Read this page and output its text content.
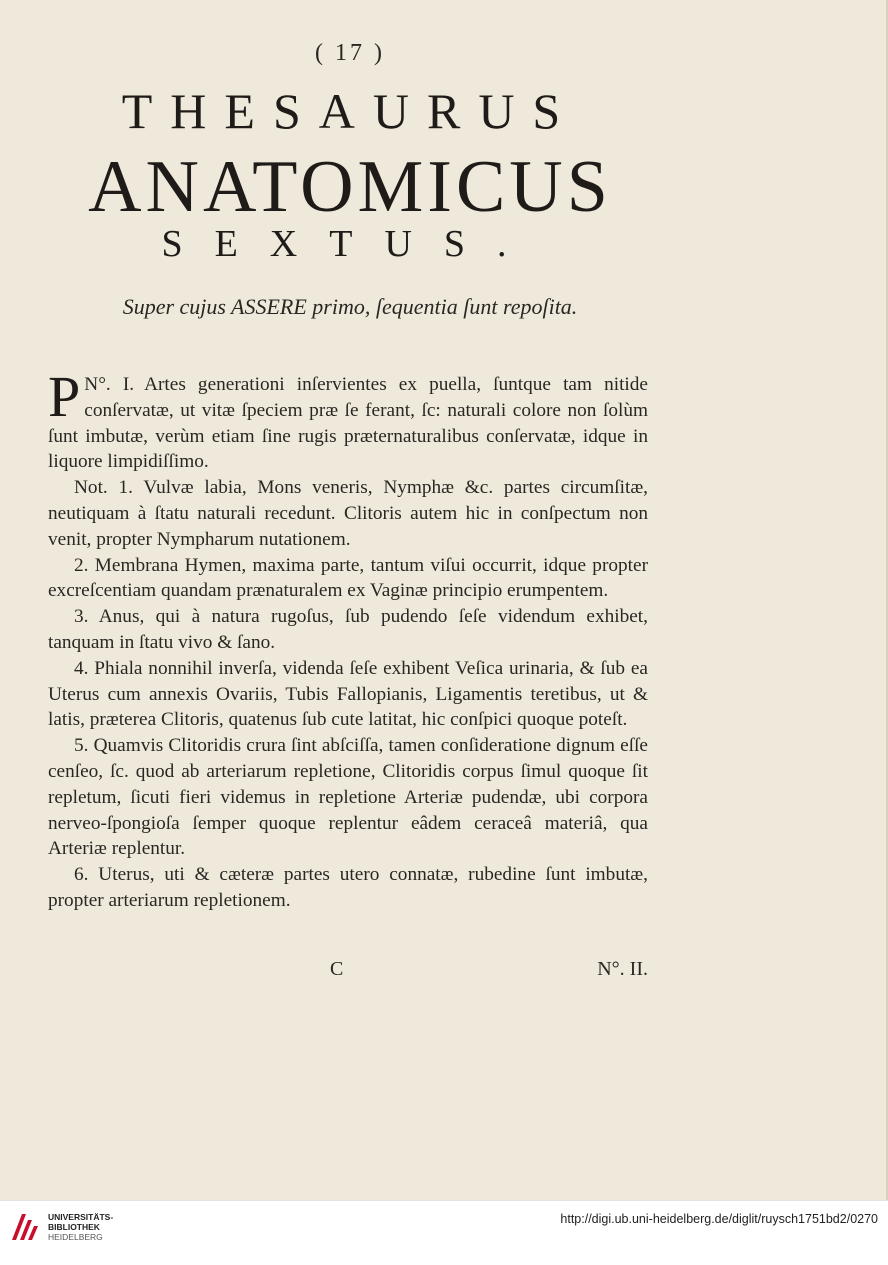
( 17 )
THESAURUS
ANATOMICUS
SEXTUS.
Super cujus ASSERE primo, ſequentia ſunt repoſita.

N°. I.
P	Artes generationi inſervientes ex puella, ſuntque tam nitide conſervatæ, ut vitæ ſpeciem præ ſe ferant, ſc: naturali colore non ſolùm ſunt imbutæ, verùm etiam ſine rugis præternaturalibus conſervatæ, idque in liquore limpidiſſimo.

Not. 1. Vulvæ labia, Mons veneris, Nymphæ &c. partes circumſitæ, neutiquam à ſtatu naturali recedunt. Clitoris autem hic in conſpectum non venit, propter Nympharum nutationem.

2. Membrana Hymen, maxima parte, tantum viſui occurrit, idque propter excreſcentiam quandam prænaturalem ex Vaginæ principio erumpentem.

3. Anus, qui à natura rugoſus, ſub pudendo ſeſe videndum exhibet, tanquam in ſtatu vivo & ſano.

4. Phiala nonnihil inverſa, videnda ſeſe exhibent Veſica urinaria, & ſub ea Uterus cum annexis Ovariis, Tubis Fallopianis, Ligamentis teretibus, ut & latis, præterea Clitoris, quatenus ſub cute latitat, hic conſpici quoque poteſt.

5. Quamvis Clitoridis crura ſint abſciſſa, tamen conſideratione dignum eſſe cenſeo, ſc. quod ab arteriarum repletione, Clitoridis corpus ſimul quoque ſit repletum, ſicuti fieri videmus in repletione Arteriæ pudendæ, ubi corpora nerveo-ſpongioſa ſemper quoque replentur eâdem ceraceâ materiâ, qua Arteriæ replentur.

6. Uterus, uti & cæteræ partes utero connatæ, rubedine ſunt imbutæ, propter arteriarum repletionem.

C	N°. II.
UNIVERSITÄTS-
BIBLIOTHEK
HEIDELBERG
http://digi.ub.uni-heidelberg.de/diglit/ruysch1751bd2/0270
